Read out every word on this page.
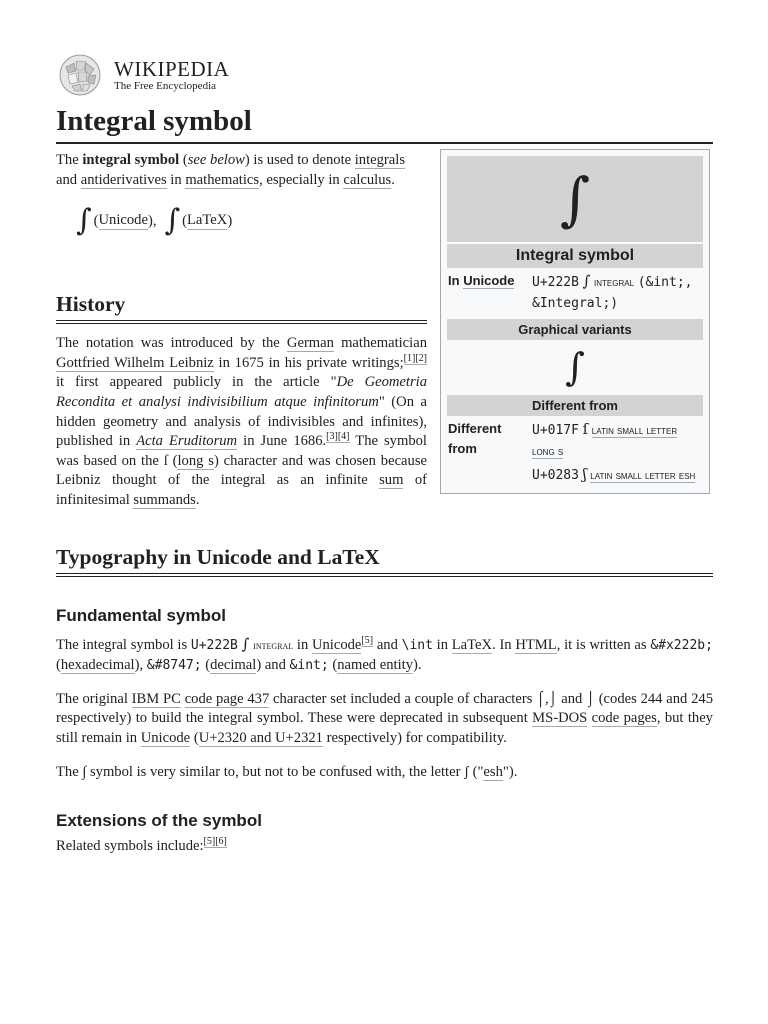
WIKIPEDIA
The Free Encyclopedia
Integral symbol

The integral symbol (see below) is used to denote integrals and antiderivatives in mathematics, especially in calculus.

∫ ( Unicode ), ∫ ( LaTeX )
History

The notation was introduced by the German mathematician Gottfried Wilhelm Leibniz in 1675 in his private writings;[1][2] it first appeared publicly in the article "De Geometria Recondita et analysi indivisibilium atque infinitorum" (On a hidden geometry and analysis of indivisibles and infinites), published in Acta Eruditorum in June 1686.[3][4] The symbol was based on the ſ (long s) character and was chosen because Leibniz thought of the integral as an infinite sum of infinitesimal summands.

Typography in Unicode and LaTeX
Fundamental symbol

The integral symbol is U+222B ∫ integral in Unicode[5] and \int in LaTeX. In HTML, it is written as &#x222b; (hexadecimal), &#8747; (decimal) and &int; (named entity).

The original IBM PC code page 437 character set included a couple of characters ⌠,⌡ and ⌡ (codes 244 and 245 respectively) to build the integral symbol. These were deprecated in subsequent MS-DOS code pages, but they still remain in Unicode (U+2320 and U+2321 respectively) for compatibility.

The ∫ symbol is very similar to, but not to be confused with, the letter ʃ ("esh").

Extensions of the symbol

Related symbols include:[5][6]

∫
Integral symbol
In Unicode	U+222B ∫ integral (&int;, &Integral;)
Graphical variants
∫
Different from
Different from
U+017F ſ latin small letter long s
U+0283 ʃ latin small letter esh
